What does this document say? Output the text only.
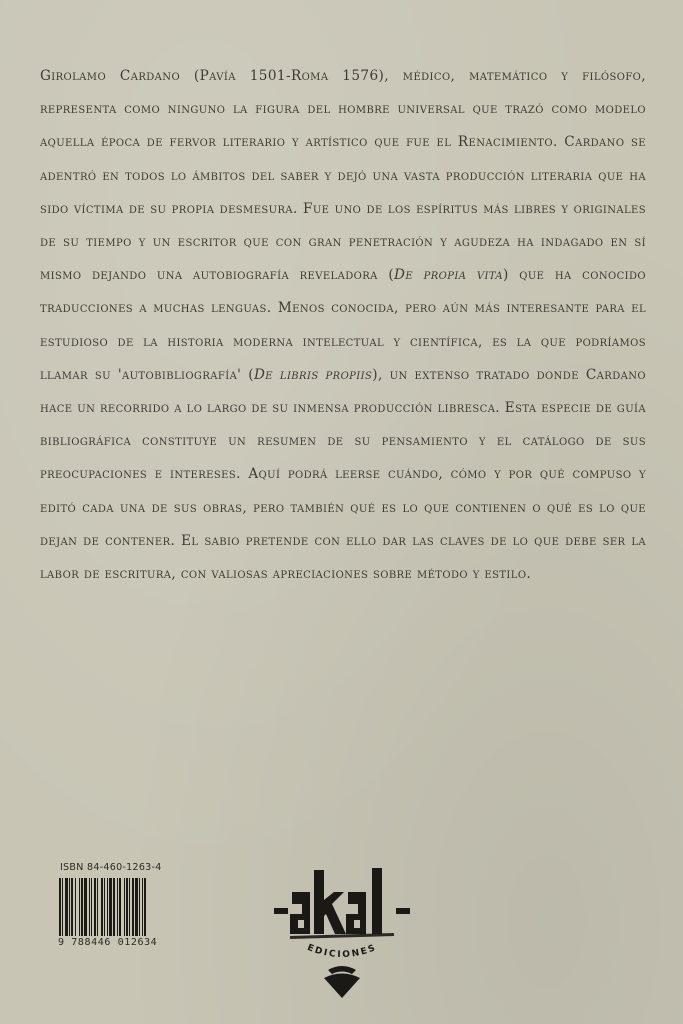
Girolamo Cardano (Pavía 1501-Roma 1576), médico, matemático y filósofo, representa como ninguno la figura del hombre universal que trazó como modelo aquella época de fervor literario y artístico que fue el Renacimiento. Cardano se adentró en todos lo ámbitos del saber y dejó una vasta producción literaria que ha sido víctima de su propia desmesura. Fue uno de los espíritus más libres y originales de su tiempo y un escritor que con gran penetración y agudeza ha indagado en sí mismo dejando una autobiografía reveladora (De propia vita) que ha conocido traducciones a muchas lenguas. Menos conocida, pero aún más interesante para el estudioso de la historia moderna intelectual y científica, es la que podríamos llamar su 'autobibliografía' (De libris propiis), un extenso tratado donde Cardano hace un recorrido a lo largo de su inmensa producción libresca. Esta especie de guía bibliográfica constituye un resumen de su pensamiento y el catálogo de sus preocupaciones e intereses. Aquí podrá leerse cuándo, cómo y por qué compuso y editó cada una de sus obras, pero también qué es lo que contienen o qué es lo que dejan de contener. El sabio pretende con ello dar las claves de lo que debe ser la labor de escritura, con valiosas apreciaciones sobre método y estilo.
ISBN 84-460-1263-4
9 788446 012634
EDICIONES
-akal-
